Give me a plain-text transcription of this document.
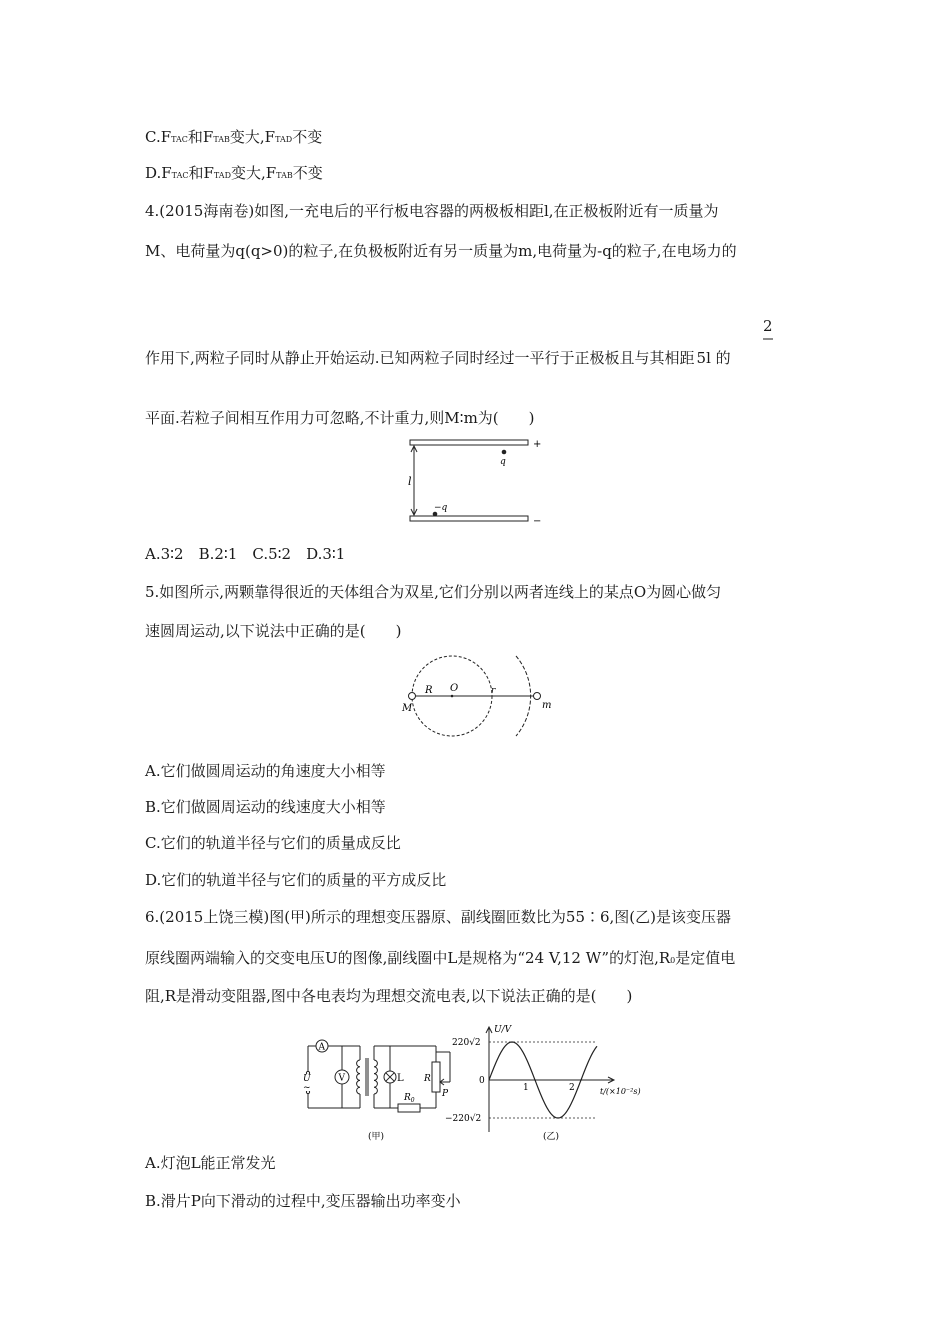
C.FTAC和FTAB变大,FTAD不变
D.FTAC和FTAD变大,FTAB不变
4.(2015海南卷)如图,一充电后的平行板电容器的两极板相距l,在正极板附近有一质量为
M、电荷量为q(q>0)的粒子,在负极板附近有另一质量为m,电荷量为-q的粒子,在电场力的
2
作用下,两粒子同时从静止开始运动.已知两粒子同时经过一平行于正极板且与其相距 5l 的
平面.若粒子间相互作用力可忽略,不计重力,则M∶m为(　　)
+
−
l
q
−q
A.3∶2　B.2∶1　C.5∶2　D.3∶1
5.如图所示,两颗靠得很近的天体组合为双星,它们分别以两者连线上的某点O为圆心做匀
速圆周运动,以下说法中正确的是(　　)
M
R O	r
m
A.它们做圆周运动的角速度大小相等
B.它们做圆周运动的线速度大小相等
C.它们的轨道半径与它们的质量成反比
D.它们的轨道半径与它们的质量的平方成反比
6.(2015上饶三模)图(甲)所示的理想变压器原、副线圈匝数比为55∶6,图(乙)是该变压器
原线圈两端输入的交变电压U的图像,副线圈中L是规格为“24 V,12 W”的灯泡,R0是定值电
阻,R是滑动变阻器,图中各电表均为理想交流电表,以下说法正确的是(　　)
A
U
~
V	L
$R_0$
R
P
(甲)
U/V
220√2
−220√2
0
1	2	t/(×10⁻²s)
(乙)
A.灯泡L能正常发光
B.滑片P向下滑动的过程中,变压器输出功率变小
